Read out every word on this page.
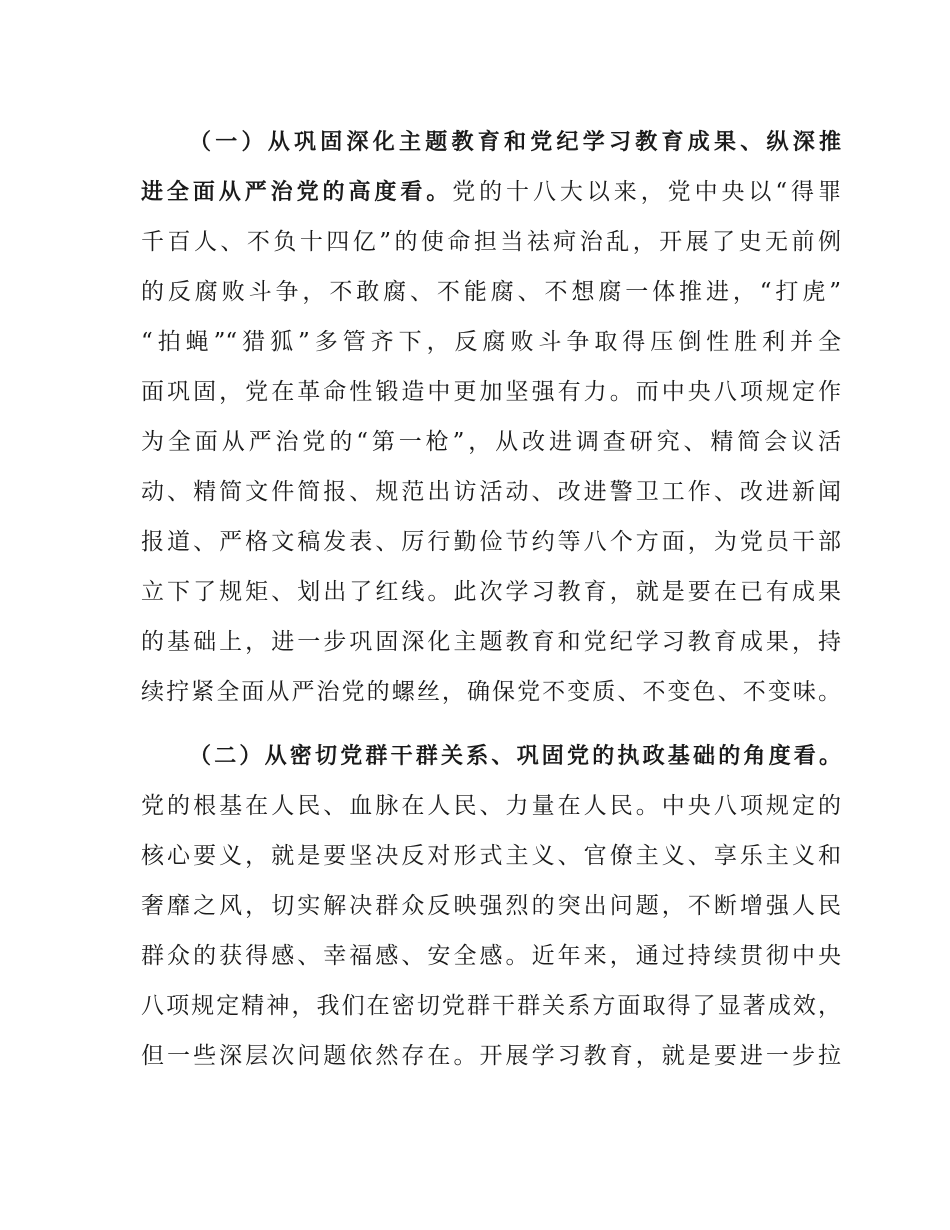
（一）从巩固深化主题教育和党纪学习教育成果、纵深推
进全面从严治党的高度看。党的十八大以来，党中央以“得罪
千百人、不负十四亿”的使命担当祛疴治乱，开展了史无前例
的反腐败斗争，不敢腐、不能腐、不想腐一体推进，“打虎”
“拍蝇”“猎狐”多管齐下，反腐败斗争取得压倒性胜利并全
面巩固，党在革命性锻造中更加坚强有力。而中央八项规定作
为全面从严治党的“第一枪”，从改进调查研究、精简会议活
动、精简文件简报、规范出访活动、改进警卫工作、改进新闻
报道、严格文稿发表、厉行勤俭节约等八个方面，为党员干部
立下了规矩、划出了红线。此次学习教育，就是要在已有成果
的基础上，进一步巩固深化主题教育和党纪学习教育成果，持
续拧紧全面从严治党的螺丝，确保党不变质、不变色、不变味。
（二）从密切党群干群关系、巩固党的执政基础的角度看。
党的根基在人民、血脉在人民、力量在人民。中央八项规定的
核心要义，就是要坚决反对形式主义、官僚主义、享乐主义和
奢靡之风，切实解决群众反映强烈的突出问题，不断增强人民
群众的获得感、幸福感、安全感。近年来，通过持续贯彻中央
八项规定精神，我们在密切党群干群关系方面取得了显著成效，
但一些深层次问题依然存在。开展学习教育，就是要进一步拉
